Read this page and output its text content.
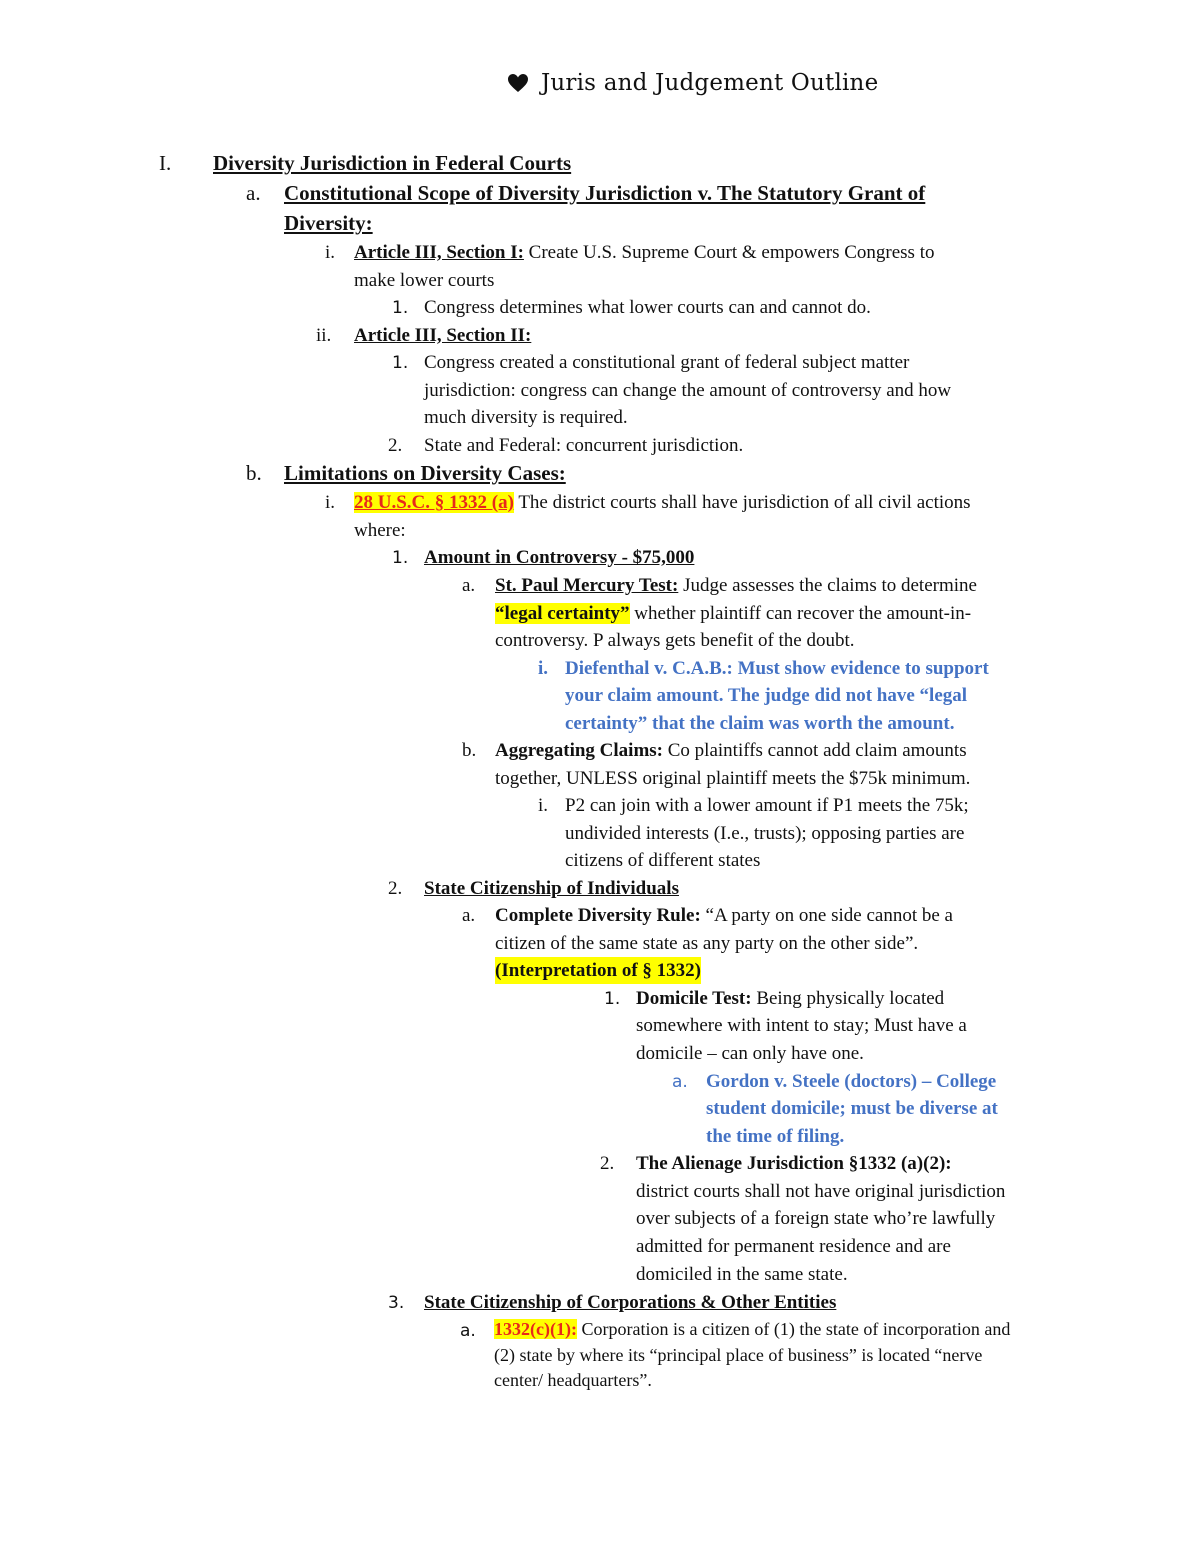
Juris and Judgement Outline
I. Diversity Jurisdiction in Federal Courts
a. Constitutional Scope of Diversity Jurisdiction v. The Statutory Grant of
Diversity:
i. Article III, Section I: Create U.S. Supreme Court & empowers Congress to
make lower courts
1. Congress determines what lower courts can and cannot do.
ii. Article III, Section II:
1. Congress created a constitutional grant of federal subject matter
jurisdiction: congress can change the amount of controversy and how
much diversity is required.
2. State and Federal: concurrent jurisdiction.
b. Limitations on Diversity Cases:
i. 28 U.S.C. § 1332 (a) The district courts shall have jurisdiction of all civil actions
where:
1. Amount in Controversy - $75,000
a. St. Paul Mercury Test: Judge assesses the claims to determine
“legal certainty” whether plaintiff can recover the amount-in-
controversy. P always gets benefit of the doubt.
i. Diefenthal v. C.A.B.: Must show evidence to support
your claim amount. The judge did not have “legal
certainty” that the claim was worth the amount.
b. Aggregating Claims: Co plaintiffs cannot add claim amounts
together, UNLESS original plaintiff meets the $75k minimum.
i. P2 can join with a lower amount if P1 meets the 75k;
undivided interests (I.e., trusts); opposing parties are
citizens of different states
2. State Citizenship of Individuals
a. Complete Diversity Rule: “A party on one side cannot be a
citizen of the same state as any party on the other side”.
(Interpretation of § 1332)
1. Domicile Test: Being physically located
somewhere with intent to stay; Must have a
domicile – can only have one.
a. Gordon v. Steele (doctors) – College
student domicile; must be diverse at
the time of filing.
2. The Alienage Jurisdiction §1332 (a)(2):
district courts shall not have original jurisdiction
over subjects of a foreign state who’re lawfully
admitted for permanent residence and are
domiciled in the same state.
3. State Citizenship of Corporations & Other Entities
a. 1332(c)(1): Corporation is a citizen of (1) the state of incorporation and
(2) state by where its “principal place of business” is located “nerve
center/ headquarters”.
